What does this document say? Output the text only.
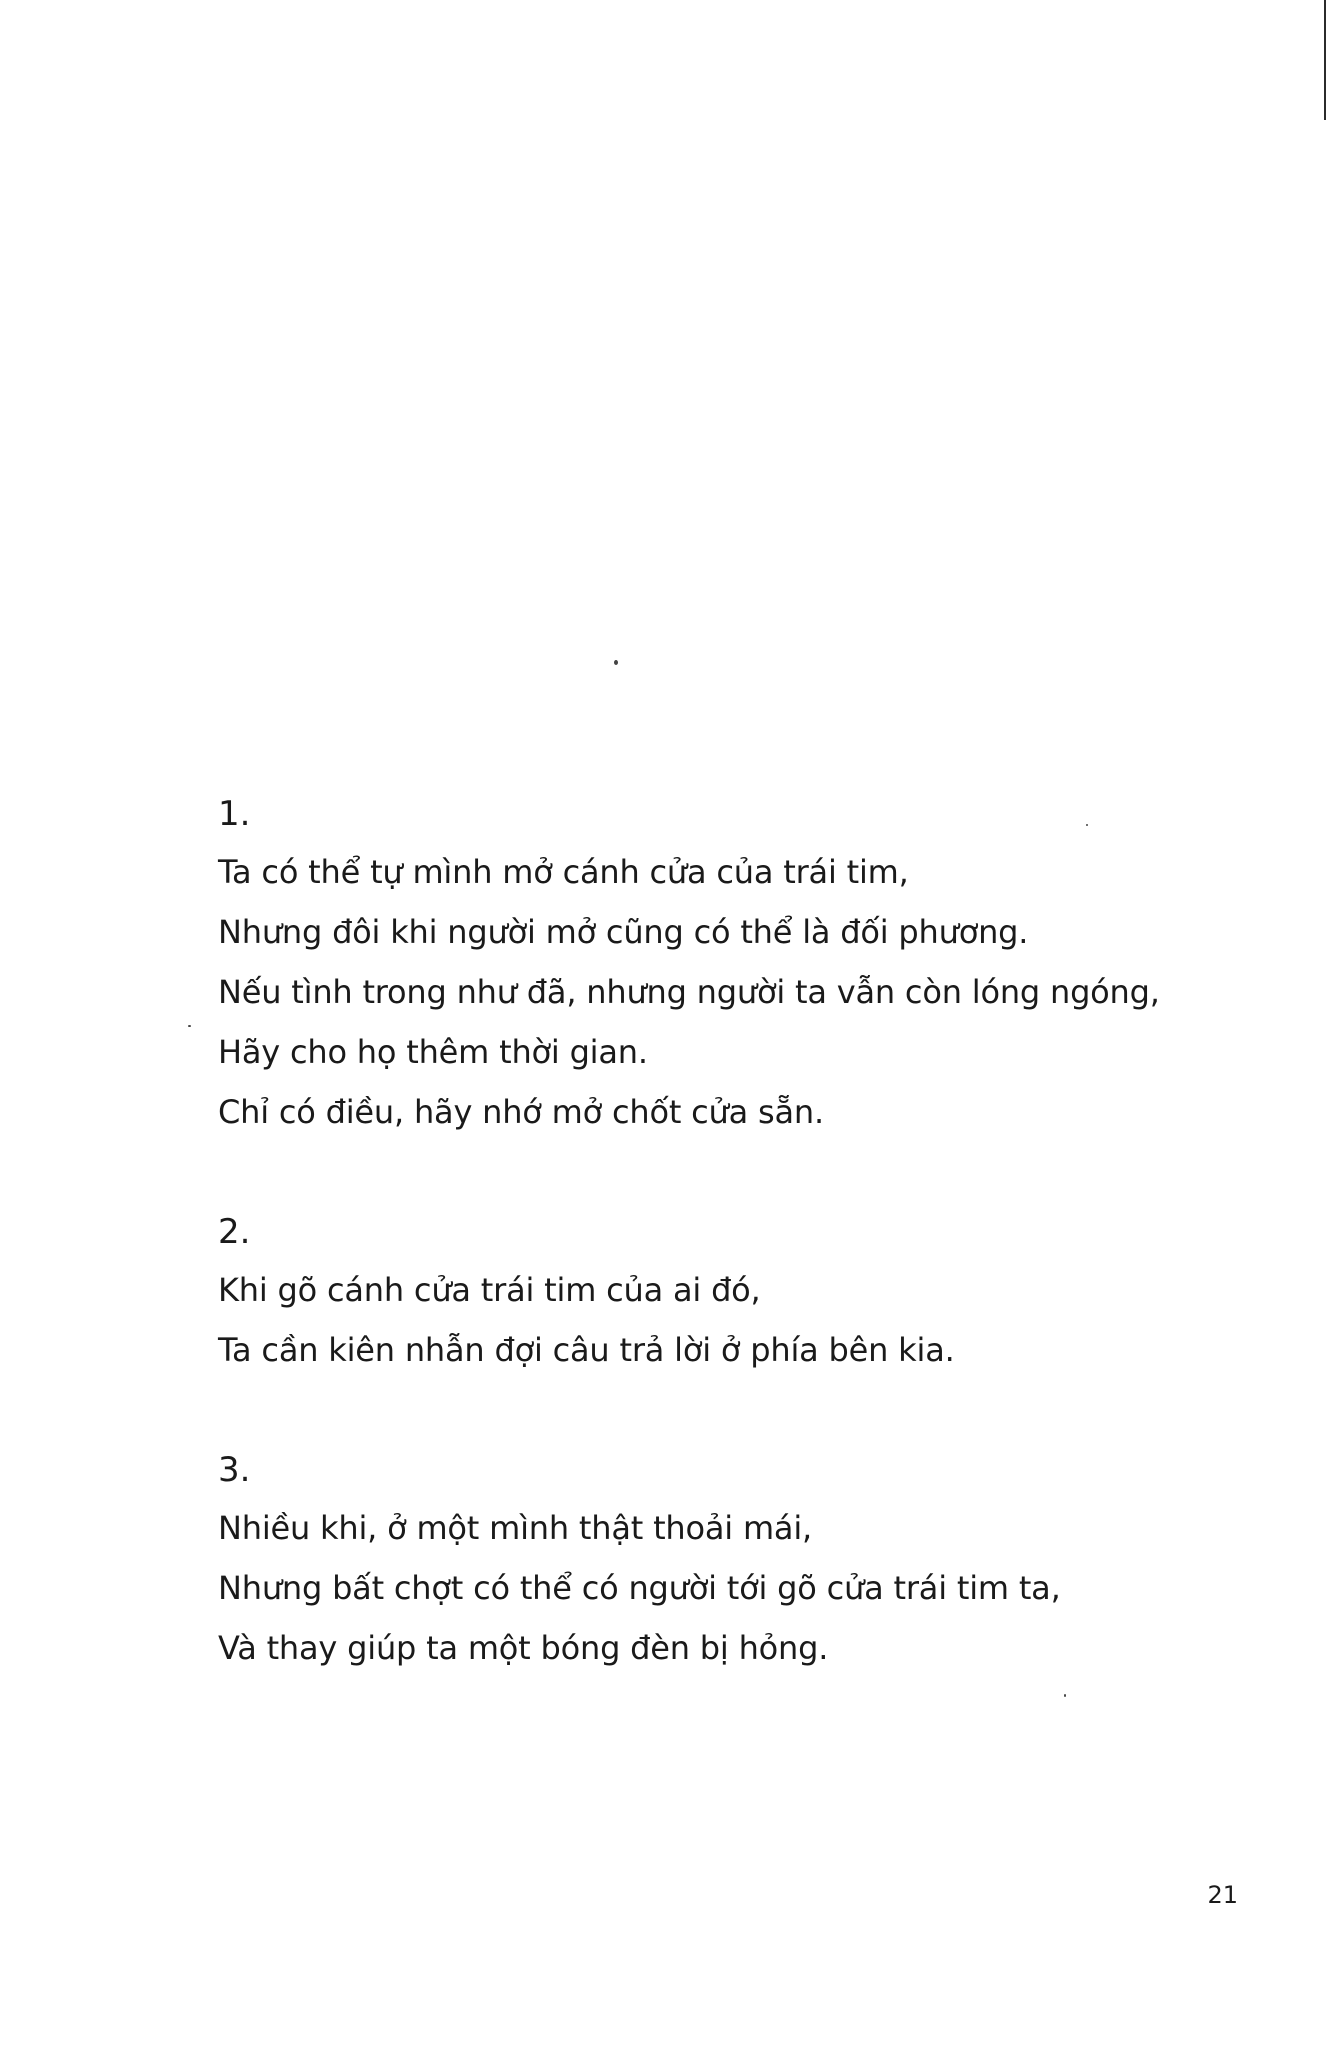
1.
Ta có thể tự mình mở cánh cửa của trái tim,
Nhưng đôi khi người mở cũng có thể là đối phương.
Nếu tình trong như đã, nhưng người ta vẫn còn lóng ngóng,
Hãy cho họ thêm thời gian.
Chỉ có điều, hãy nhớ mở chốt cửa sẵn.
2.
Khi gõ cánh cửa trái tim của ai đó,
Ta cần kiên nhẫn đợi câu trả lời ở phía bên kia.
3.
Nhiều khi, ở một mình thật thoải mái,
Nhưng bất chợt có thể có người tới gõ cửa trái tim ta,
Và thay giúp ta một bóng đèn bị hỏng.
21
